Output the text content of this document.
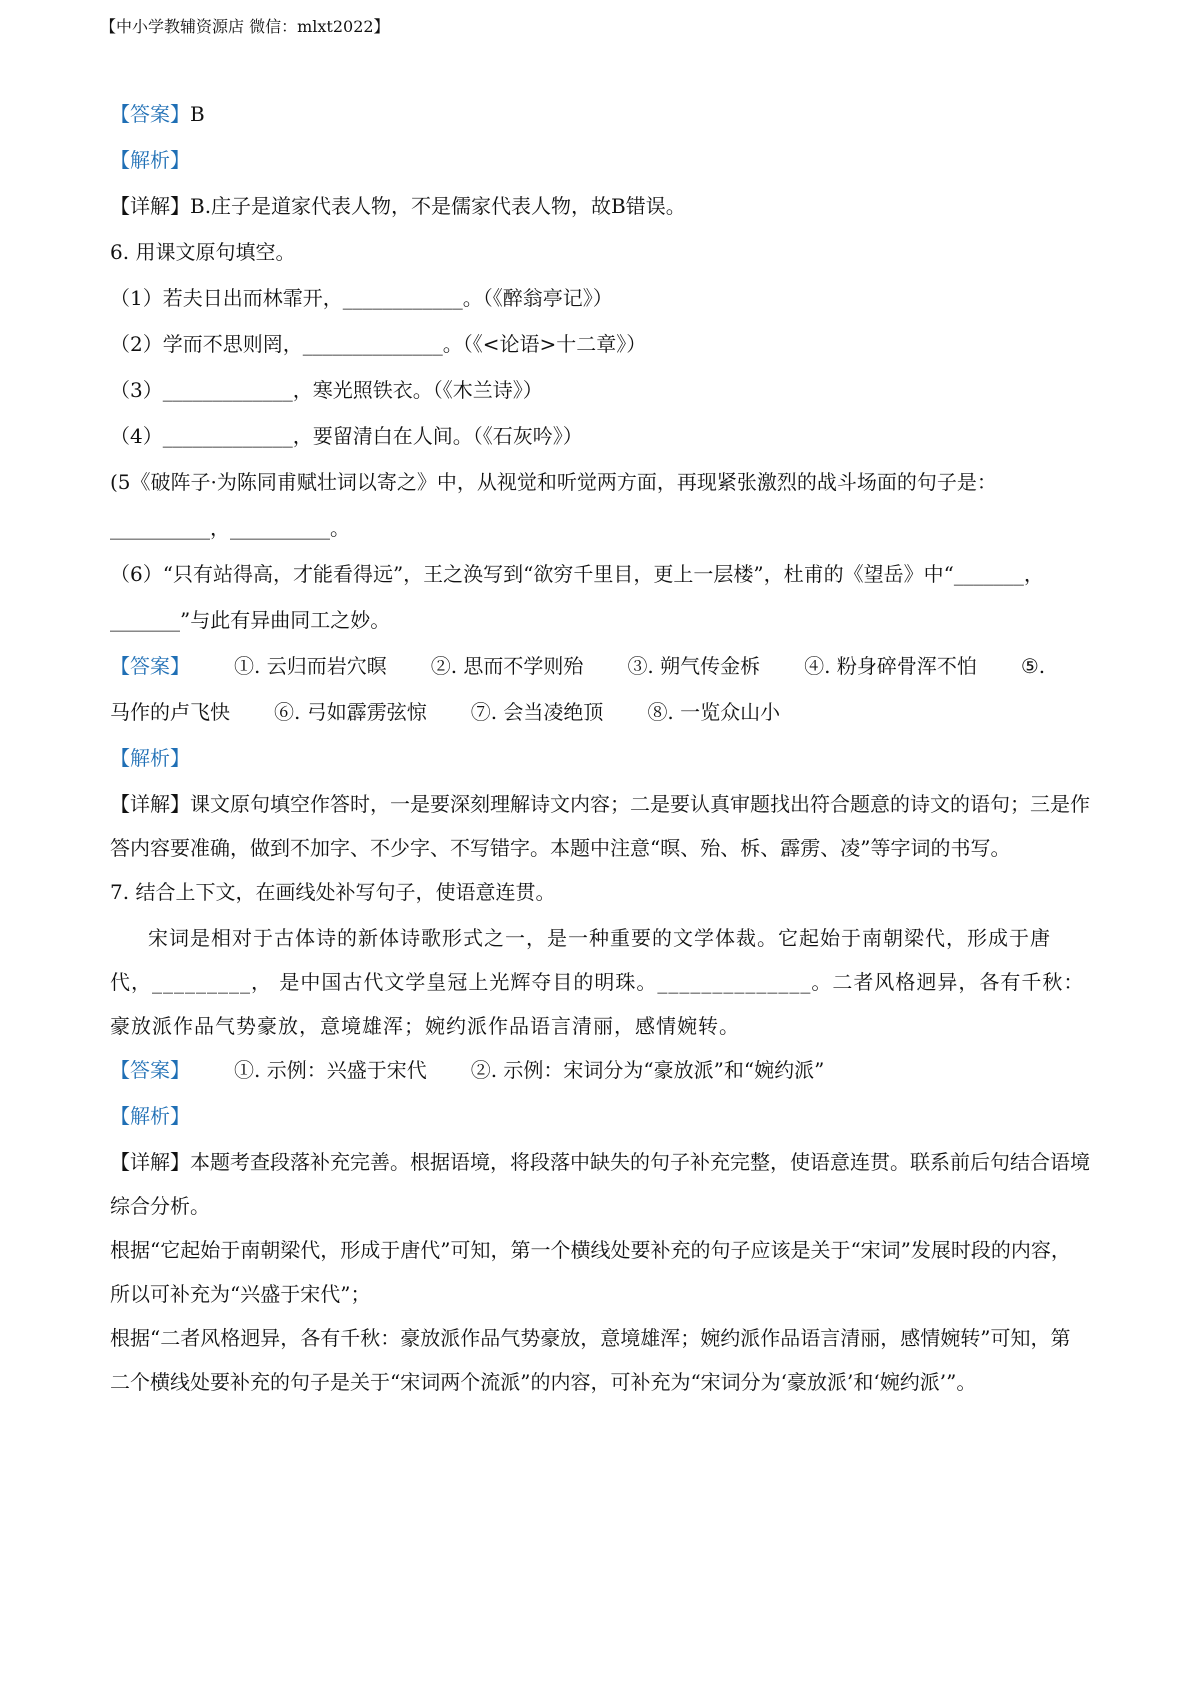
【中小学教辅资源店 微信：mlxt2022】
【答案】B
【解析】
【详解】B.庄子是道家代表人物，不是儒家代表人物，故B错误。
6. 用课文原句填空。
（1）若夫日出而林霏开，____________。（《醉翁亭记》）
（2）学而不思则罔，______________。（《<论语>十二章》）
（3）_____________，寒光照铁衣。（《木兰诗》）
（4）_____________，要留清白在人间。（《石灰吟》）
(5《破阵子·为陈同甫赋壮词以寄之》中，从视觉和听觉两方面，再现紧张激烈的战斗场面的句子是：
__________，__________。
（6）“只有站得高，才能看得远”，王之涣写到“欲穷千里目，更上一层楼”，杜甫的《望岳》中“_______，
_______”与此有异曲同工之妙。
【答案】 ①. 云归而岩穴暝 ②. 思而不学则殆 ③. 朔气传金柝 ④. 粉身碎骨浑不怕 ⑤.
马作的卢飞快 ⑥. 弓如霹雳弦惊 ⑦. 会当凌绝顶 ⑧. 一览众山小
【解析】
【详解】课文原句填空作答时，一是要深刻理解诗文内容；二是要认真审题找出符合题意的诗文的语句；三是作答内容要准确，做到不加字、不少字、不写错字。本题中注意“暝、殆、柝、霹雳、凌”等字词的书写。
7. 结合上下文，在画线处补写句子，使语意连贯。
宋词是相对于古体诗的新体诗歌形式之一，是一种重要的文学体裁。它起始于南朝梁代，形成于唐代，_________， 是中国古代文学皇冠上光辉夺目的明珠。______________。二者风格迥异，各有千秋：豪放派作品气势豪放，意境雄浑；婉约派作品语言清丽，感情婉转。
【答案】 ①. 示例：兴盛于宋代 ②. 示例：宋词分为“豪放派”和“婉约派”
【解析】
【详解】本题考查段落补充完善。根据语境，将段落中缺失的句子补充完整，使语意连贯。联系前后句结合语境综合分析。
根据“它起始于南朝梁代，形成于唐代”可知，第一个横线处要补充的句子应该是关于“宋词”发展时段的内容，所以可补充为“兴盛于宋代”；
根据“二者风格迥异，各有千秋：豪放派作品气势豪放，意境雄浑；婉约派作品语言清丽，感情婉转”可知，第二个横线处要补充的句子是关于“宋词两个流派”的内容，可补充为“宋词分为‘豪放派’和‘婉约派’”。
